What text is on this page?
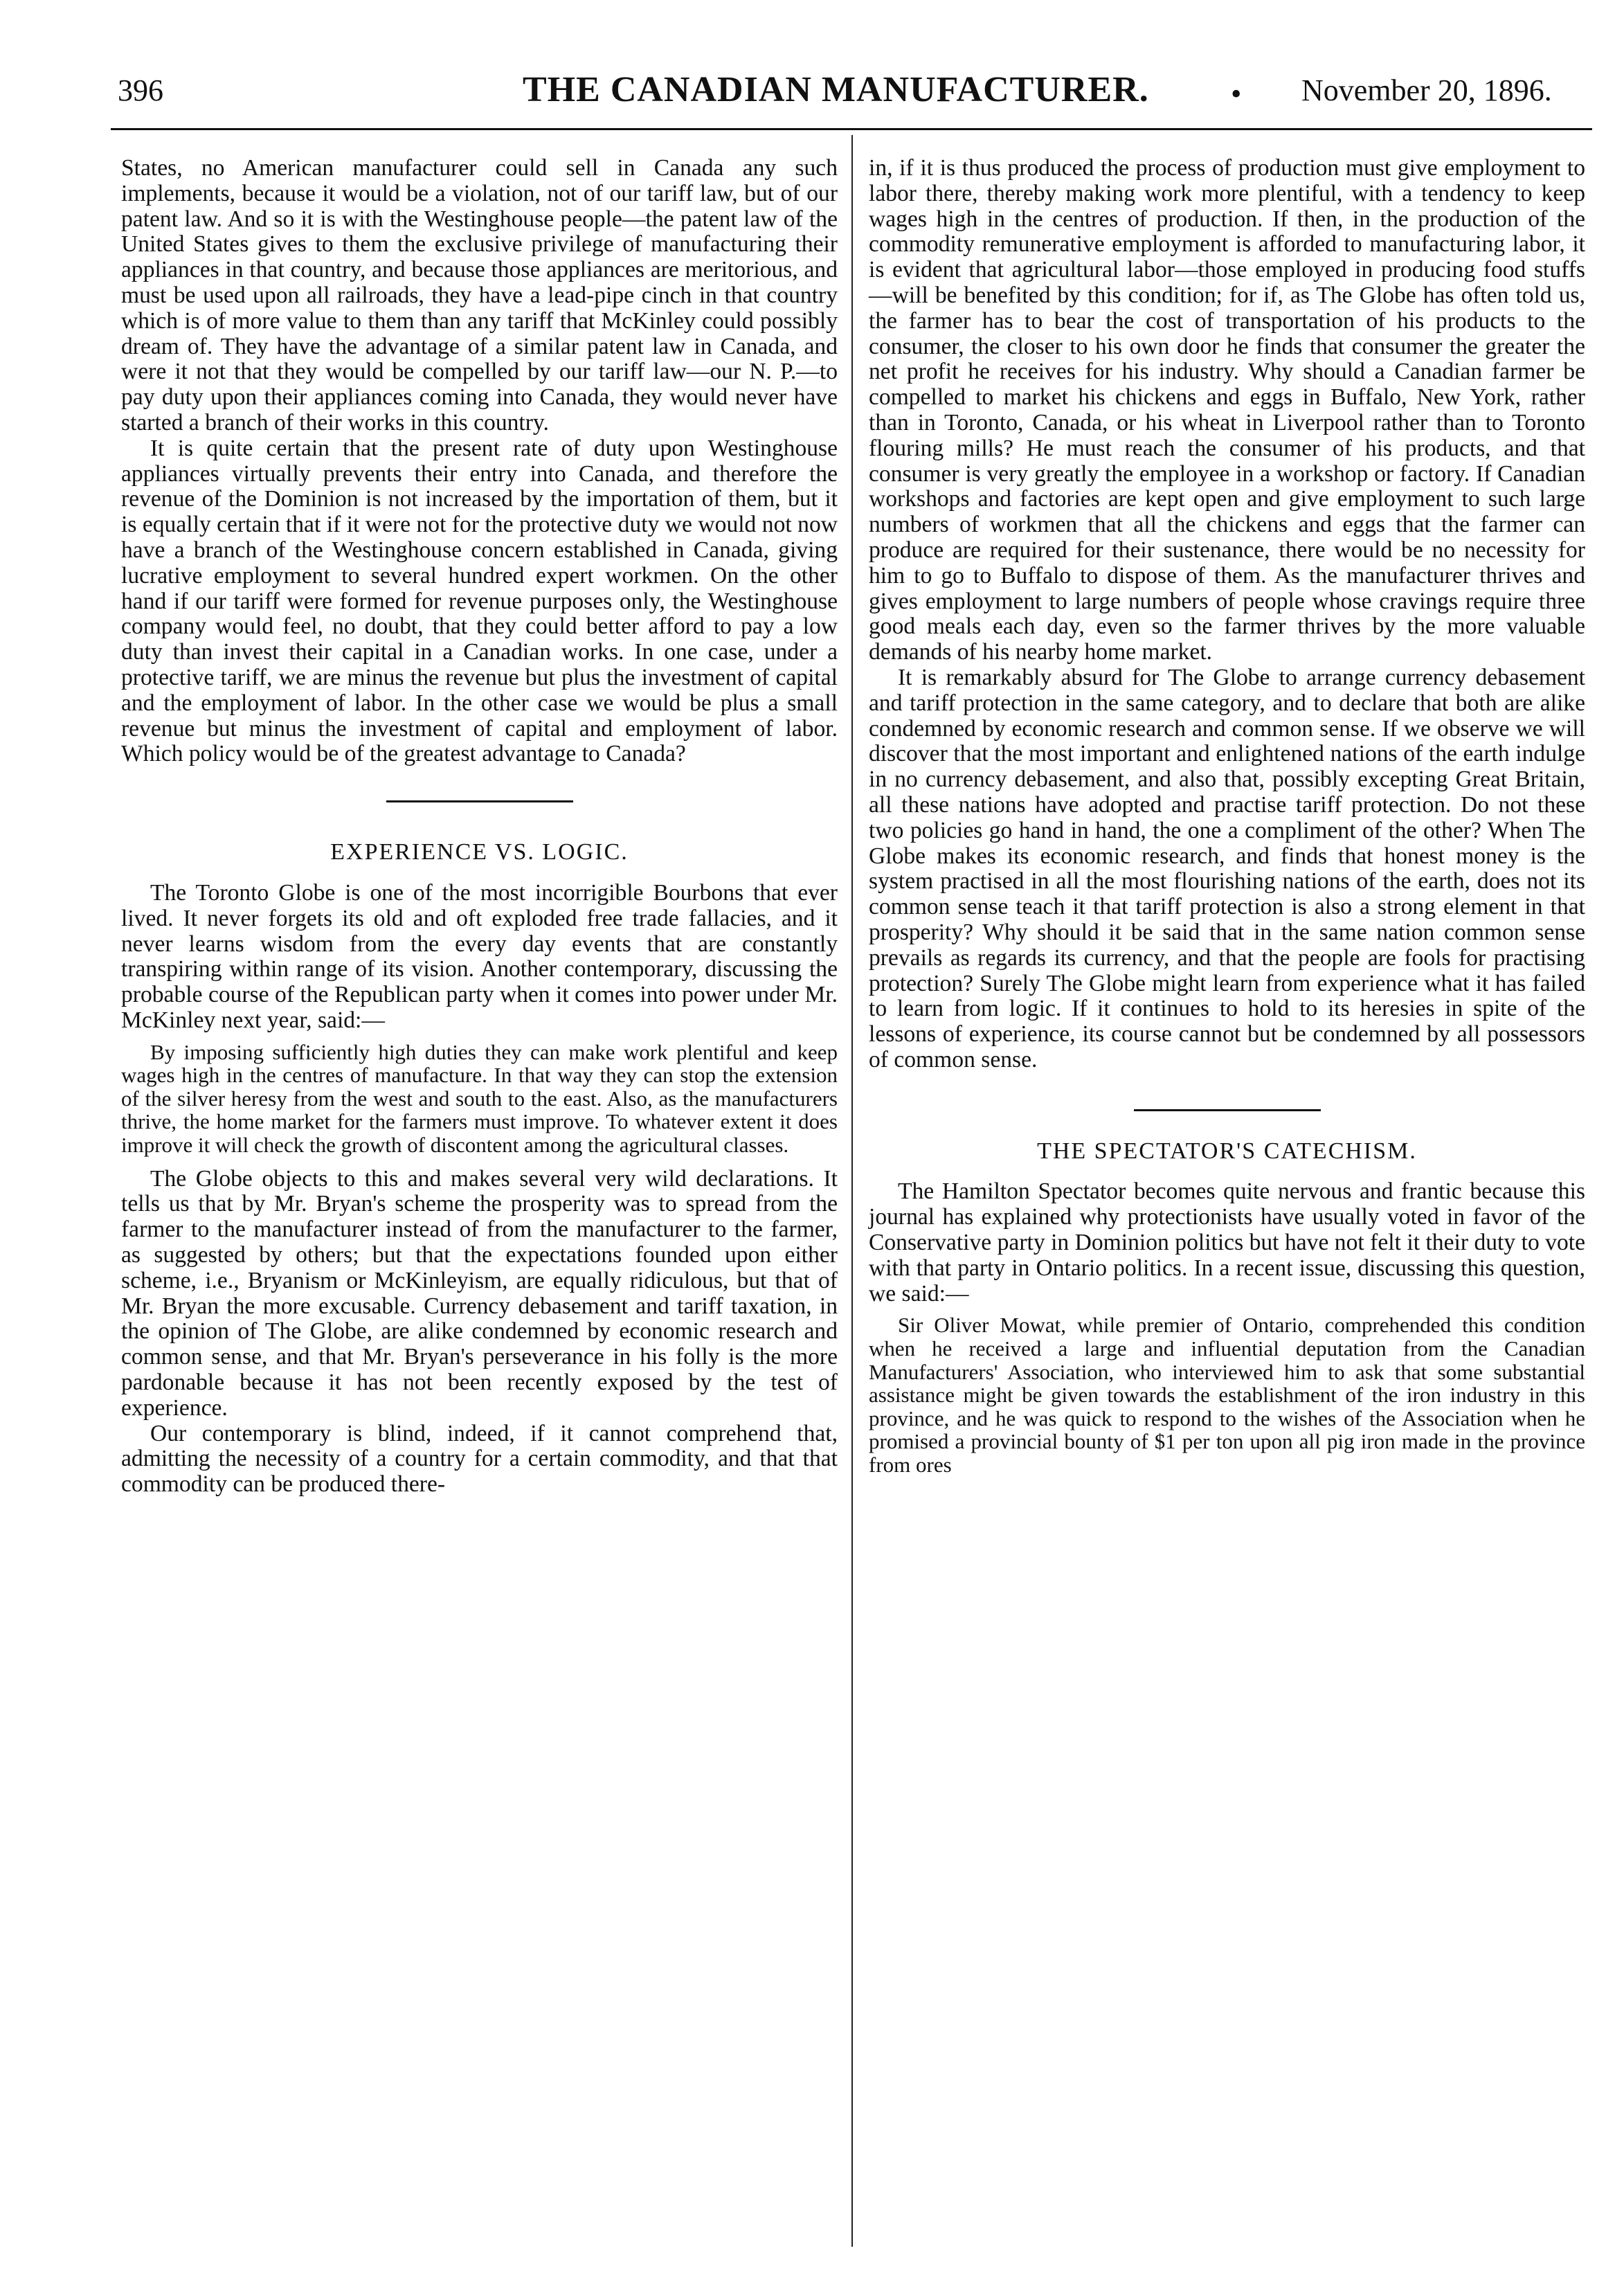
396	THE CANADIAN MANUFACTURER.	• November 20, 1896.

States, no American manufacturer could sell in Canada any such implements, because it would be a violation, not of our tariff law, but of our patent law. And so it is with the Westinghouse people—the patent law of the United States gives to them the exclusive privilege of manufacturing their appliances in that country, and because those appliances are meritorious, and must be used upon all railroads, they have a lead-pipe cinch in that country which is of more value to them than any tariff that McKinley could possibly dream of. They have the advantage of a similar patent law in Canada, and were it not that they would be compelled by our tariff law—our N. P.—to pay duty upon their appliances coming into Canada, they would never have started a branch of their works in this country.

It is quite certain that the present rate of duty upon Westinghouse appliances virtually prevents their entry into Canada, and therefore the revenue of the Dominion is not increased by the importation of them, but it is equally certain that if it were not for the protective duty we would not now have a branch of the Westinghouse concern established in Canada, giving lucrative employment to several hundred expert workmen. On the other hand if our tariff were formed for revenue purposes only, the Westinghouse company would feel, no doubt, that they could better afford to pay a low duty than invest their capital in a Canadian works. In one case, under a protective tariff, we are minus the revenue but plus the investment of capital and the employment of labor. In the other case we would be plus a small revenue but minus the investment of capital and employment of labor. Which policy would be of the greatest advantage to Canada?

EXPERIENCE VS. LOGIC.

The Toronto Globe is one of the most incorrigible Bourbons that ever lived. It never forgets its old and oft exploded free trade fallacies, and it never learns wisdom from the every day events that are constantly transpiring within range of its vision. Another contemporary, discussing the probable course of the Republican party when it comes into power under Mr. McKinley next year, said:—

By imposing sufficiently high duties they can make work plentiful and keep wages high in the centres of manufacture. In that way they can stop the extension of the silver heresy from the west and south to the east. Also, as the manufacturers thrive, the home market for the farmers must improve. To whatever extent it does improve it will check the growth of discontent among the agricultural classes.

The Globe objects to this and makes several very wild declarations. It tells us that by Mr. Bryan's scheme the prosperity was to spread from the farmer to the manufacturer instead of from the manufacturer to the farmer, as suggested by others; but that the expectations founded upon either scheme, i.e., Bryanism or McKinleyism, are equally ridiculous, but that of Mr. Bryan the more excusable. Currency debasement and tariff taxation, in the opinion of The Globe, are alike condemned by economic research and common sense, and that Mr. Bryan's perseverance in his folly is the more pardonable because it has not been recently exposed by the test of experience.

Our contemporary is blind, indeed, if it cannot comprehend that, admitting the necessity of a country for a certain commodity, and that that commodity can be produced there-

in, if it is thus produced the process of production must give employment to labor there, thereby making work more plentiful, with a tendency to keep wages high in the centres of production. If then, in the production of the commodity remunerative employment is afforded to manufacturing labor, it is evident that agricultural labor—those employed in producing food stuffs—will be benefited by this condition; for if, as The Globe has often told us, the farmer has to bear the cost of transportation of his products to the consumer, the closer to his own door he finds that consumer the greater the net profit he receives for his industry. Why should a Canadian farmer be compelled to market his chickens and eggs in Buffalo, New York, rather than in Toronto, Canada, or his wheat in Liverpool rather than to Toronto flouring mills? He must reach the consumer of his products, and that consumer is very greatly the employee in a workshop or factory. If Canadian workshops and factories are kept open and give employment to such large numbers of workmen that all the chickens and eggs that the farmer can produce are required for their sustenance, there would be no necessity for him to go to Buffalo to dispose of them. As the manufacturer thrives and gives employment to large numbers of people whose cravings require three good meals each day, even so the farmer thrives by the more valuable demands of his nearby home market.

It is remarkably absurd for The Globe to arrange currency debasement and tariff protection in the same category, and to declare that both are alike condemned by economic research and common sense. If we observe we will discover that the most important and enlightened nations of the earth indulge in no currency debasement, and also that, possibly excepting Great Britain, all these nations have adopted and practise tariff protection. Do not these two policies go hand in hand, the one a compliment of the other? When The Globe makes its economic research, and finds that honest money is the system practised in all the most flourishing nations of the earth, does not its common sense teach it that tariff protection is also a strong element in that prosperity? Why should it be said that in the same nation common sense prevails as regards its currency, and that the people are fools for practising protection? Surely The Globe might learn from experience what it has failed to learn from logic. If it continues to hold to its heresies in spite of the lessons of experience, its course cannot but be condemned by all possessors of common sense.

THE SPECTATOR'S CATECHISM.

The Hamilton Spectator becomes quite nervous and frantic because this journal has explained why protectionists have usually voted in favor of the Conservative party in Dominion politics but have not felt it their duty to vote with that party in Ontario politics. In a recent issue, discussing this question, we said:—

Sir Oliver Mowat, while premier of Ontario, comprehended this condition when he received a large and influential deputation from the Canadian Manufacturers' Association, who interviewed him to ask that some substantial assistance might be given towards the establishment of the iron industry in this province, and he was quick to respond to the wishes of the Association when he promised a provincial bounty of $1 per ton upon all pig iron made in the province from ores
